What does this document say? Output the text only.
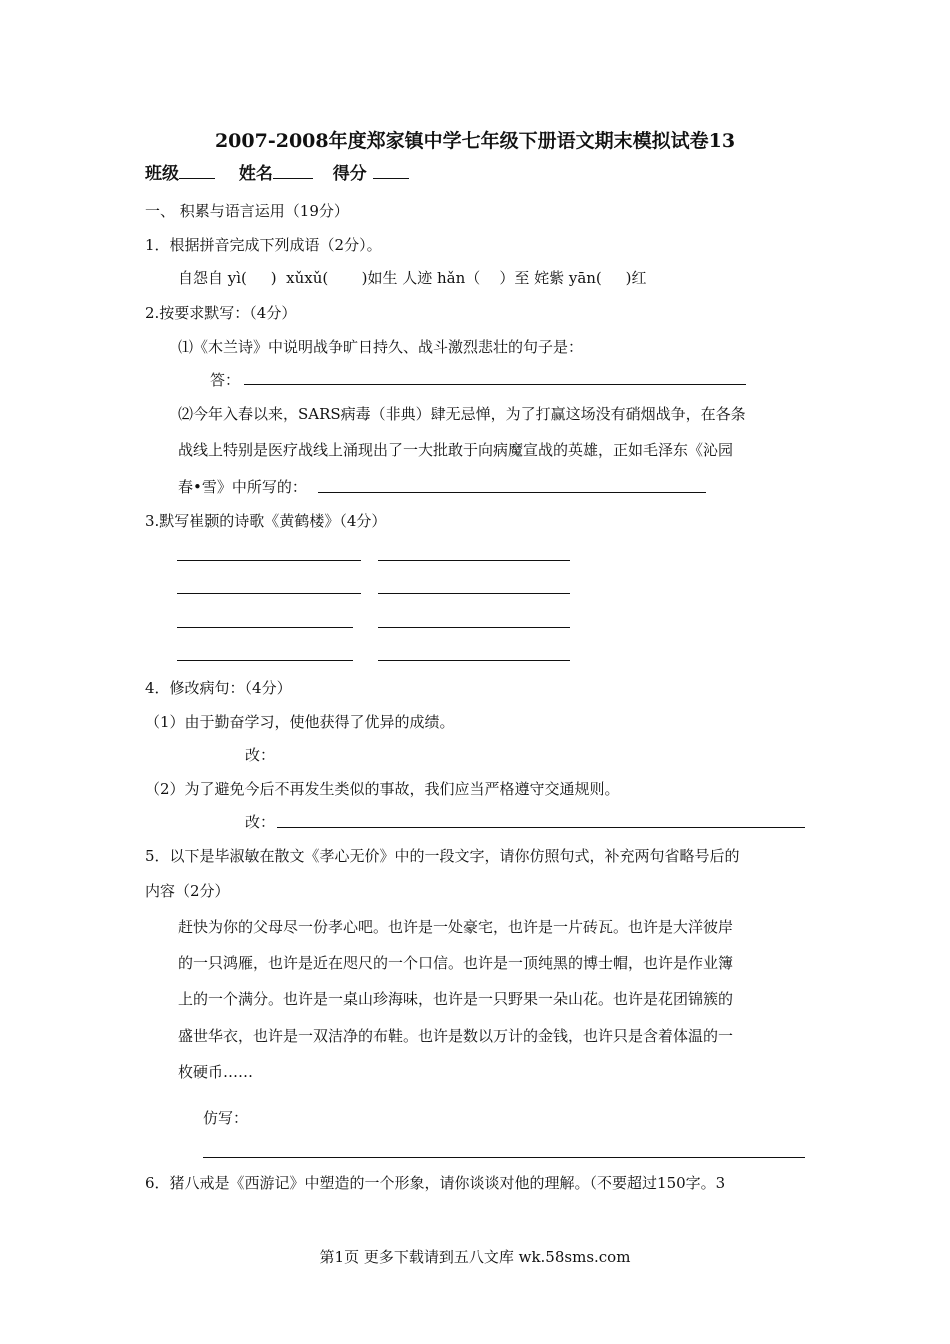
2007-2008年度郑家镇中学七年级下册语文期末模拟试卷13
班级	姓名	得分
一、 积累与语言运用（19分）
1．根据拼音完成下列成语（2分）。
自怨自 yì(     )  xǔxǔ(       )如生 人迹 hǎn（    ）至 姹紫 yān(     )红
2.按要求默写：（4分）
⑴《木兰诗》中说明战争旷日持久、战斗激烈悲壮的句子是：
答：
⑵今年入春以来，SARS病毒（非典）肆无忌惮，为了打赢这场没有硝烟战争，在各条
战线上特别是医疗战线上涌现出了一大批敢于向病魔宣战的英雄，正如毛泽东《沁园
春•雪》中所写的：
3.默写崔颢的诗歌《黄鹤楼》（4分）
4．修改病句：（4分）
（1）由于勤奋学习，使他获得了优异的成绩。
改：
（2）为了避免今后不再发生类似的事故，我们应当严格遵守交通规则。
改：
5．以下是毕淑敏在散文《孝心无价》中的一段文字，请你仿照句式，补充两句省略号后的
内容（2分）
赶快为你的父母尽一份孝心吧。也许是一处豪宅，也许是一片砖瓦。也许是大洋彼岸
的一只鸿雁，也许是近在咫尺的一个口信。也许是一顶纯黑的博士帽，也许是作业簿
上的一个满分。也许是一桌山珍海味，也许是一只野果一朵山花。也许是花团锦簇的
盛世华衣，也许是一双洁净的布鞋。也许是数以万计的金钱，也许只是含着体温的一
枚硬币……
仿写：
6．猪八戒是《西游记》中塑造的一个形象，请你谈谈对他的理解。（不要超过150字。3
第1页 更多下载请到五八文库 wk.58sms.com
